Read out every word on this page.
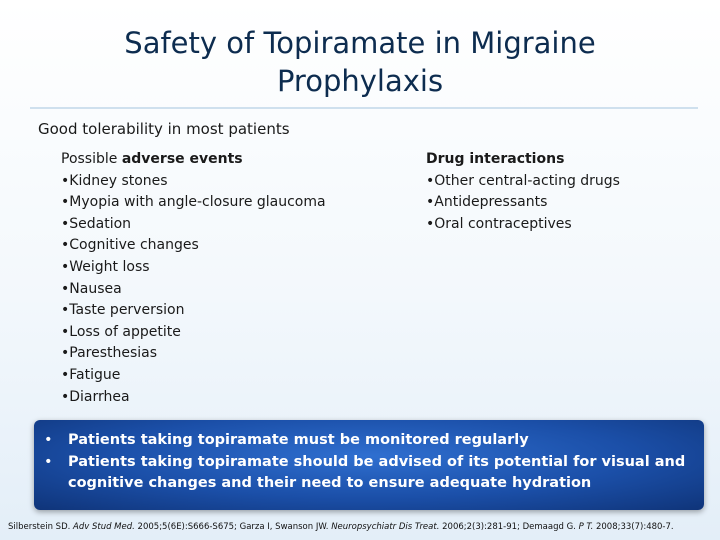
Safety of Topiramate in Migraine
Prophylaxis
Good tolerability in most patients
Possible adverse events
•Kidney stones
•Myopia with angle-closure glaucoma
•Sedation
•Cognitive changes
•Weight loss
•Nausea
•Taste perversion
•Loss of appetite
•Paresthesias
•Fatigue
•Diarrhea
Drug interactions
•Other central-acting drugs
•Antidepressants
•Oral contraceptives
• Patients taking topiramate must be monitored regularly
• Patients taking topiramate should be advised of its potential for visual and cognitive changes and their need to ensure adequate hydration
Silberstein SD. Adv Stud Med. 2005;5(6E):S666-S675; Garza I, Swanson JW. Neuropsychiatr Dis Treat. 2006;2(3):281-91; Demaagd G. P T. 2008;33(7):480-7.
